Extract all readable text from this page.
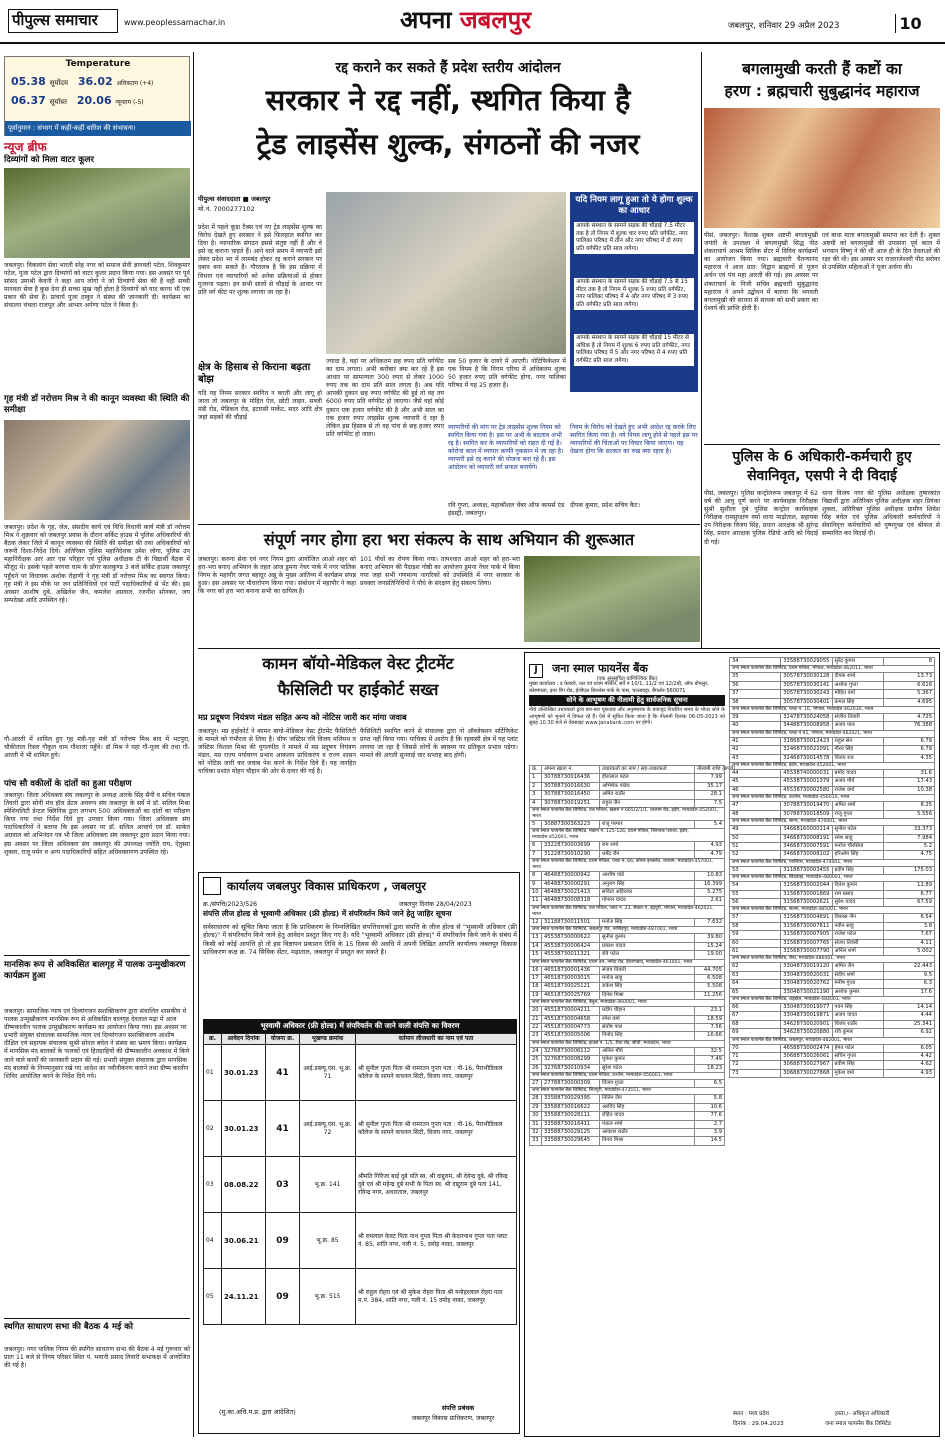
पीपुल्स समाचार	www.peoplessamachar.in	अपना जबलपुर	जबलपुर, शनिवार 29 अप्रैल 2023	10
Temperature
05.38 सूर्योदय 36.02 अधिकतम (+4)
06.37 सूर्यास्त 20.06 न्यूनतम (-5)
पूर्वानुमान : संभाग में कहीं-कहीं बारिश की संभावना।
न्यूज ब्रीफ
दिव्यांगों को मिला वाटर कूलर
जबलपुर। विकलांग सेवा भारती स्नेह नगर को समाज सेवी ज्ञानवती पटेल, शिवकुमार पटेल, पूजा पटेल द्वारा दिव्यांगों को वाटर कूलर प्रदान किया गया। इस अवसर पर पूर्व सांसद उमाश्री केवनी ने कहा आप लोगो ने जो दिव्यांगों सेवा की है वही सच्ची मानवता सेवा है कुछ देना ही सच्चा सुख नहीं होता है दिव्यांगों को याद करना भी एक प्रकार की सेवा है। प्राचार्य पूजा ठाकुर ने संस्था की जानकारी दी। कार्यक्रम का संचालन चंचला राजपूत और आभार अर्पणा पटेल ने किया है।
गृह मंत्री डॉ नरोत्तम मिश्र ने की कानून व्यवस्था की स्थिति की समीक्षा
जबलपुर। प्रदेश के गृह, जेल, संसदीय कार्य एवं विधि विधायी कार्य मंत्री डॉ नरोत्तम मिश्र ने शुक्रवार को जबलपुर प्रवास के दौरान सर्किट हाउस में पुलिस अधिकारियों की बैठक लेकर जिले में कानून व्यवस्था की स्थिति की समीक्षा की तथा अधिकारियों को जरूरी दिशा-निर्देश दिये। अतिरिक्त पुलिस महानिदेशक उमेश जोगा, पुलिस उप महानिरीक्षक आर आर एस परिहार एवं पुलिस अधीक्षक टी के विद्यार्थी बैठक में मौजूद थे। इसके पहले बरगवा धाम के डोंगर कलकुण्ड 3 बजे सर्किट हाउस जबलपुर पहुँचने पर विधायक अशोक रोहाणी ने गृह मंत्री डॉ नरोत्तम मिश्र का स्वागत किया। गृह मंत्री ने इस मौके पर जन प्रतिनिधियों एवं पार्टी पदाधिकारियों से भेंट की। इस अवसर आशीष दुबे, अखिलेश जैन, कमलेश अग्रवाल, रजनीश सोनकर, जय सम्पदेखा आदि उपस्थित रहे।
गौ-आरती में शामिल हुए गृह मंत्री-गृह मंत्री डॉ नरोत्तम मिश्र बाद में भटपुरा, चौकीताल रिस्ता गौकुल धाम गौशाला पहुँचे। डॉ मिश्र ने यहां गौ-पूजा की तथा गौ-आरती में भी शामिल हुये।
पांच सौ वकीलों के दांतों का हुआ परीक्षण
जबलपुर। जिला अधिवक्ता संघ जबलपुर के अध्यक्ष आरके सिंह सैनी व सचिव पंकज तिवारी द्वारा सोनी मंच हॉल डेंटल अवरूप संघ जबलपुर के सर्वे मे डॉ. सलिल मिश्रा स्पेशियलिटी डेन्टल क्लिनिक द्वारा लगभग 500 अधिवक्ताओं का दांतों का परीक्षण किया गया तथा निर्देश दिये हुए उपचार किया गया। जिला अधिवक्ता संघ पदाधिकारियों ने बताया कि इस अवसर पर डॉ. सलिल आचार्य एवं डॉ. साकेत अग्रवाल को अभिनंदन पत्र भी जिला अधिवक्ता संघ जबलपुर द्वारा प्रदान किया गया। इस अवसर पर जिला अधिवक्ता संघ जबलपुर की उपाध्यक्ष ज्योति राय, ऐतुस्था शुक्ला, राजू वर्मन व अन्य पदाधिकारियों सहित अधिवक्तागण उपस्थित रहे।
मानसिक रूप से अविकसित बालगृह में पालक उन्मुखीकरण कार्यक्रम हुआ
जबलपुर। सामाजिक न्याय एवं दिव्यांगजन सशक्तिकरण द्वारा संचालित शासकीय मे पालक उन्मुखीकरण मानसिक रूप से अविकसित बालगृह देवताल मढ़ा में आज ग्रीष्मकालीन पालक उन्मुखीकरण कार्यक्रम का आयोजन किया गया। इस अवसर पर प्रभारी संयुक्त संचालक सामाजिक न्याय एवं दिव्यांगजन सशक्तिकरण आशीष दीक्षित एवं सहायक संचालक सुश्री सोनल बघेल ने संस्था का भ्रमण किया। कार्यक्रम में मानसिक मंद बालकों के पालकों एवं हितग्राहियों की ग्रीष्मकालीन अवकाश में किये जाने वाले कार्यों की जानकारी प्रदान की गई। प्रभारी संयुक्त संचालक द्वारा मानसिक मंद बालकों के नियमानुसार रखे गए आदेश का नवीनीकरण कराने तथा ग्रीष्म कालीन शिविर आयोजित करने के निर्देश दिये गये।
स्थगित साधारण सभा की बैठक 4 मई को
जबलपुर। नगर पालिक निगम की स्थगित साधारण सभा की बैठक 4 मई गुरूवार को प्रातः 11 बजे से निगम परिसर स्थित पं. भवानी प्रसाद तिवारी सभाकक्ष में आयोजित की गई है।
रद्द कराने कर सकते हैं प्रदेश स्तरीय आंदोलन
सरकार ने रद्द नहीं, स्थगित किया है
ट्रेड लाइसेंस शुल्क, संगठनों की नजर
पीपुल्स संवाददाता ■ जबलपुर
मो.नं. 7000277102
प्रदेश में पहले कूड़ा टैक्स एवं नए ट्रेड लाइसेंस शुल्क का विरोध देखते हुए सरकार ने इसे फिलहाल स्थगित कर दिया है। व्यापारिक संगठन इससे संतुष्ट नहीं हैं और वे इसे रद्द कराना चाहते हैं। आने वाले समय में व्यापारी इसे लेकर प्रदेश भर में लामबंद होकर रद्द कराने सरकार पर दबाव बना सकते हैं। गौरतलब है कि इस प्रक्रिया में विभाग एवं व्यापारियों को अनेक प्रक्रियाओं से होकर गुजरना पड़ता। इन सभी सालों से चौड़ाई के आधार पर प्रति वर्ग फीट पर शुल्क लगाया जा रहा है।
क्षेत्र के हिसाब से किराना बढ़ता बोझ
यदि यह नियम सरकार स्थगित न करती और लागू हो जाता तो जबलपुर के मोहित ऐल, छोटी लाइन, सब्जी मंडी रोड, मेडिकल रोड, इटारसी मार्केट, सदर आदि क्षेत्र जहां सड़कों की चौड़ाई
ज्यादा है, वहां पर अधिकतम छह रुपए प्रति वर्गफीट का दाम लगता। अभी करोबार क्या कर रहे हैं इस आधार पर सामान्यतः 300 रुपए से लेकर 1000 रुपए तक का दाम प्रति साल लगता है। अब यदि आपकी दुकान छह रुपए वर्गफीट की हुई तो वह तय 6000 रुपए प्रति वर्गफीट हो जाएगा। जैसे वहां कोई दुकान एक हजार वर्गफीट की है और अभी साल का एक हजार रुपए लाइसेंस शुल्क व्यापारी दे रहा है लेकिन इस हिसाब से तो वह पांच से छह हजार रुपए प्रति वर्गफीट हो जाता।
सब 50 हजार के दायरे में आएगी। नोटिफिकेशन में एक नियम है कि निगम एरिया में अधिकतम शुल्क 50 हजार रुपए प्रति वर्गफीट होगा, नगर पालिका परिषद में यह 25 हजार है।
यदि नियम लागू हुआ तो ये होगा शुल्क का आधार
आपके संस्थान के सामने सड़क की चौड़ाई 7.5 मीटर तक है तो निगम में शुल्क चार रुपए प्रति वर्गफीट, नगर पालिका परिषद में तीन और नगर परिषद में दो रुपए प्रति वर्गफीट प्रति साल लगेगा।
आपके संस्थान के सामने सड़क की चौड़ाई 7.5 से 15 मीटर तक है तो निगम में शुल्क 5 रुपए प्रति वर्गफीट, नगर पालिका परिषद में 4 और नगर परिषद में 3 रुपए प्रति वर्गफीट प्रति साल लगेगा।
आपके संस्थान के सामने सड़क की चौड़ाई 15 मीटर से अधिक है तो निगम में शुल्क 6 रुपए प्रति वर्गफीट, नगर पालिका परिषद में 5 और नगर परिषद में 4 रुपए प्रति वर्गफीट प्रति साल लगेगा।
व्यापारियों की मांग पर ट्रेड लाइसेंस शुल्क नियम को स्थगित किया गया है। इस पर अभी के बदलाव अभी रद्द है। स्थगित कर के व्यापारियों को राहत दी गई है। कोरोना काल में व्यापार काफी नुकसान में जा रहा है। व्यापारी इसे रद्द कराने की योजना बना रहे हैं। इस आंदोलन को व्यापारी वर्ग सफल बनायेंगे।
रवि गुप्ता, अध्यक्ष, महाकौशल चेंबर ऑफ कामर्स एंड इंडस्ट्री, जबलपुर।
नियम के विरोध को देखते हुए अभी आदेश रद्द करके लिए स्थगित किया गया है। नये नियम लागू होने से पहले इस पर व्यापारियों की चिंताओं पर विचार किया जाएगा। यह देखना होगा कि सरकार का रुख क्या रहता है।
दीपक कुमार, प्रदेश सचिव कैट।
संपूर्ण नगर होगा हरा भरा संकल्प के साथ अभियान की शुरूआत
जबलपुर। करुना सेवा एवं नगर निगम द्वारा आयोजित आओ शहर को हरा-भरा बनाए अभियान के तहत आज डुमना नेचर पार्क में नगर पालिक निगम के महापौर जगत बहादुर अन्नू के मुख्य आतिथ्य में कार्यक्रम संपन्न हुआ। इस अवसर पर पौधारोपण किया गया। संबोधन में महापौर ने कहा कि नगर को हरा भरा बनाना सभी का दायित्व है।
101 पौधों का रोपण किया गया। तत्पश्चात आओ शहर को हरा-भरा बनाएं अभियान की पैदाइश गोष्ठी का आयोजन डुमना नेचर पार्क में किया गया जहां सभी गणमान्य नागरिकों को उपस्थिति में नगर सरकार के प्रवक्ता जनप्रतिनिधियों ने पौधे के संरक्षण हेतु संकल्प लिया।
बगलामुखी करती हैं कष्टों का
हरण : ब्रह्मचारी सुबुद्धानंद महाराज
पीसं, जबलपुर। वैशाख शुक्ल अष्टमी बगलामुखी जयंती के उपलक्ष्य में बगलामुखी सिद्ध पीठ शंकराचार्य आश्रम सिविक सेंटर में विविध कार्यक्रमों का आयोजन किया गया। ब्रह्मचारी चैतन्यानंद महाराज ने आज प्रात: विद्वान ब्राह्मणों से पूजन अर्चन एवं पंच महा आरती की गई। इस अवसर पर शंकराचार्य के निजी सचिव ब्रह्मचारी सुबुद्धानंद महाराज ने अपने उद्बोधन में बताया कि भगवती बगलामुखी की साधना से साधक को सभी प्रकार का ऐश्वर्य की प्राप्ति होती है।
एवं बाधा माता बगलामुखी समाप्त कर देती है। शुक्ल अष्टमी को बगलामुखी की उपासना पूर्व काल में भगवान विष्णु ने की थी आज ही के दिन देवताओं की रक्षा की थी। इस अवसर पर राजराजेश्वरी पीठ सरोवर से उपस्थित महिलाओं ने पूजा अर्चना की।
पुलिस के 6 अधिकारी-कर्मचारी हुए सेवानिवृत, एसपी ने दी विदाई
पीसं, जबलपुर। पुलिस कन्ट्रोलरूम जबलपुर में 62 वर्ष की आयु पूर्ण करने पर कार्यवाहक निरीक्षक सुश्री सुशीला दुबे पुलिस कन्ट्रोल कार्यवाहक निरीक्षक रामसुरक्षण वर्मा थाना माढ़ोताल, सहायक उप निरीक्षक विजय सिंह, प्रधान आरक्षक श्री सुरेन्द्र सिंह, प्रधान आरक्षक पुलिस रेडियो आदि को विदाई दी गई।
धाना विजय नगर की पुलिस अधीक्षक तुषारकांत विद्यार्थी द्वारा अतिरिक्त पुलिस अधीक्षक शहर प्रियंका शुक्ला, अतिरिक्त पुलिस अधीक्षक ग्रामीण शिवेश सिंह बघेल एवं पुलिस अधिकारी कर्मचारियों ने सेवानिवृत्त कर्मचारियों को पुष्पगुच्छ एवं श्रीफल से सम्मानित कर विदाई दी।
कामन बॉयो-मेडिकल वेस्ट ट्रीटमेंट
फैसिलिटी पर हाईकोर्ट सख्त
मप्र प्रदूषण नियंत्रण मंडल सहित अन्य को नोटिस जारी कर मांगा जवाब
जबलपुर। मप्र हाईकोर्ट ने कामन बायो-मेडिकल वेस्ट ट्रीटमेंट फैसिलिटी के मामले को गंभीरता से लिया है। चीफ जस्टिस रवि विजय मलिमथ व जस्टिस विशाल मिश्रा की युगलपीठ ने मामले में मप्र प्रदूषण नियंत्रण मंडल, मप्र राज्य पर्यावरण प्रभाव आकलन प्राधिकरण व राज्य शासन को नोटिस जारी कर जवाब पेश करने के निर्देश दिये हैं। यह जनहित याचिका प्रशांत मोहन चौहान की ओर से दायर की गई है।
फैसिलिटी स्थापित करने से संचालक द्वारा नो ऑब्जेक्शन सर्टिफिकेट प्राप्त नहीं किया गया। याचिका में आरोप है कि रहवासी क्षेत्र में यह प्लांट लगाया जा रहा है जिससे लोगों के स्वास्थ्य पर प्रतिकूल प्रभाव पड़ेगा। मामले की अगली सुनवाई चार सप्ताह बाद होगी।
कार्यालय जबलपुर विकास प्राधिकरण , जबलपुर
क्र./संपत्ति/2023/526	जबलपुर दिनांक 28/04/2023
संपत्ति लीज होल्ड से भूस्वामी अधिकार (फ्री होल्ड) में संपरिवर्तन किये जाने हेतु जाहिर सूचना
सर्वसाधारण को सूचित किया जाता है कि प्राधिकरण के निम्नलिखित संपत्तिधारकों द्वारा संपत्ति के लीज होल्ड से "भूस्वामी अधिकार (फ्री होल्ड)" में संपरिवर्तन किये जाने हेतु आवेदन प्रस्तुत किए गए है। यदि "भूस्वामी अधिकार (फ्री होल्ड)" में संपरिवर्तन किये जाने के संबंध में किसी को कोई आपत्ति हो तो इस विज्ञापन प्रकाशन तिथि के 15 दिवस की अवधि में अपनी लिखित आपत्ति कार्यालय जबलपुर विकास प्राधिकरण कक्ष क्र. 74 सिविक सेंटर, मढ़ाताल, जबलपुर में प्रस्तुत कर सकते है।
भूस्वामी अधिकार (फ्री होल्ड) में संपरिवर्तन की जाने वाली संपत्ति का विवरण
क्र.	आवेदन दिनांक	योजना क्र.	भूखण्ड क्रमांक	वर्तमान लीजधारी का नाम एवं पता
01	30.01.23	41	आई.डब्ल्यू.एस. भू.क्र. 71	श्री सुनील गुप्ता पिता श्री रामरतन गुप्ता पता : पी-16, पैराभीडिकल कॉलेज के सामने कचनार सिटी, विजय नगर, जबलपुर
02	30.01.23	41	आई.डब्ल्यू.एस. भू.क्र. 72	श्री सुनील गुप्ता पिता श्री रामरतन गुप्ता पता : पी-16, पैराभीडिकल कॉलेज के सामने कचनार सिटी, विजय नगर, जबलपुर
03	08.08.22	03	भू.क्र. 141	श्रीमति गिरिजा बाई दुबे पति स्व. श्री दाद्दुराम, श्री देवेन्द्र दुबे, श्री रविन्द्र दुबे एवं श्री महेन्द्र दुबे सभी के पिता स्व. श्री दाद्दुराम दुबे पता 141, रविन्द्र नगर, अधारताल, जबलपुर
04	30.06.21	09	भू.क्र. 85	श्री रामलाल केवट पिता नाथ गुप्ता पिता श्री केदारनाथ गुप्ता पता प्लाट नं. 85, शांति नगर, गली नं. 5, दमोह नाका, जबलपुर
05	24.11.21	09	भू.क्र. 515	श्री राहुल रोहरा एवं श्री मुकेश रोहरा पिता श्री मनोहरलाल रोहरा पता म.नं. 384, शांति नगर, गली नं. 15 दमोह नाका, जबलपुर
(मु.का.अधि.म.प्र. द्वारा आदेशित)	संपत्ति प्रबंधक
जबलपुर विकास प्राधिकरण, जबलपुर
J जना स्माल फायनेंस बैंक
(एक अनुसूचित वाणिज्यिक बैंक)
मुख्य कार्यालय : द फेयरवे, तल एवं प्रथम मंजिल, सर्वे नं 10/1, 11/2 एवं 12/2बी, ऑफ डोमलुर, कोरमंगला, इनर रिंग रोड, ईजीएल बिजनेस पार्क के पास, चल्लाघट्टा, बैंगलोर-560071
सोने के आभूषण की नीलामी हेतु सार्वजनिक सूचना
नीचे उल्लिखित उधारकर्ता द्वारा बार-बार पूछताछ और अनुस्मारक के बावजूद निर्धारित समय के भीतर सोने के आभूषणों को भुनाने में विफल रहे हैं। ऐसे में सूचित किया जाता है कि नीलामी दिनांक 06-05-2023 को सुबह 10.30 बजे से वेबसाइट www.janabank.com पर होगी।
क्र.	अपना खाता नं.	उधारकर्ता का नाम / सह-उधारकर्ता	नीलामी राशि (रुपये)
1	30788730016436	हीरालाल पटेल	7.99
2	30788730016630	अभिषेक पांडेय	35.17
3	30788730016450	अमित राठौर	28.1
4	30788730019251	राहुल जैन	7.5
जना स्माल फायनेंस बैंक लिमिटेड, तल मंजिल, खसरा नं 665/2/1/1, रतलाम रोड, इंदौर, मध्यप्रदेश-452001, भारत			
5	30887300363223	राजू परमार	5.4
जना स्माल फायनेंस बैंक लिमिटेड, मकान नं. 125-126, प्रथम मंजिल, विनायक प्लाजा, इंदौर, मध्यप्रदेश-452001, भारत			
6	33228730003699	राम शर्मा	4.93
7	31228730010290	धर्मेंद्र जैन	4.79
जना स्माल फायनेंस बैंक लिमिटेड, प्रथम मंजिल, प्लाट नं. 66, कोरल इनक्लेव, रतलाम, मध्यप्रदेश-457001, भारत			
8	46488730000942	आशीष पांडे	10.83
9	46488730000291	अनुराग सिंह	16.399
10	46488730021413	सविता अहिरवार	5.275
11	46488730008318	गोपाल यादव	2.61
जना स्माल फायनेंस बैंक लिमिटेड, तल मंजिल, प्लाट नं. 23, सेक्टर-ए, इंद्रपुरी, भोपाल, मध्यप्रदेश-462021, भारत			
12	31188730011501	मनोज सिंह	7.632
जना स्माल फायनेंस बैंक लिमिटेड, जबलपुर रोड, नरसिंहपुर, मध्यप्रदेश-487001, भारत			
13	45538730000622	सुनील कुमार	39.80
14	45538730006424	प्रकाश यादव	15.24
15	45538730011321	रवि पटेल	19.00
जना स्माल फायनेंस बैंक लिमिटेड, प्रथम तल, नर्मदा रोड, होशंगाबाद, मध्यप्रदेश-461001, भारत			
16	46518730001436	संजय तिवारी	44.705
17	46518730003015	मनोज साहू	6.508
18	46518730025121	राकेश सिंह	5.508
19	46518730025769	दिनेश मिश्रा	11.256
जना स्माल फायनेंस बैंक लिमिटेड, बैतूल, मध्यप्रदेश-460001, भारत			
20	45518730004211	प्रदीप चौहान	23.1
21	45518730004658	रमेश वर्मा	18.59
22	45518730004773	संतोष पाल	7.56
23	45518730005006	विनोद सिंह	16.66
जना स्माल फायनेंस बैंक लिमिटेड, हाउस नं. 1/5, रीवा रोड, सीधी, मध्यप्रदेश, भारत			
24	32768730006112	अनिल मौर्य	32.5
25	32768730008299	मुकेश कुमार	7.49
26	32768730010934	सुरेश पटेल	18.23
जना स्माल फायनेंस बैंक लिमिटेड, प्रथम मंजिल, उज्जैन, मध्यप्रदेश-456001, भारत			
27	27788730000309	विजय गुप्ता	6.5
जना स्माल फायनेंस बैंक लिमिटेड, शिवपुरी, मध्यप्रदेश-473551, भारत			
28	33588730029395	नितिन जैन	5.8
29	33588730016622	अरविंद सिंह	10.6
30	33588730028111	रोहित यादव	77.6
31	33588730016411	पंकज शर्मा	2.7
32	33588730029125	आकाश राठौर	3.9
33	33588730029645	विनय मिश्रा	14.5
34	33588730029055	सुरेंद्र कुमार	8
जना स्माल फायनेंस बैंक लिमिटेड, प्रथम मंजिल, भोपाल, मध्यप्रदेश-462011, भारत			
35	30578730030128	दीपक शर्मा	13.73
36	30578730030141	अशोक गुप्ता	6.616
37	30578730030243	मोहित वर्मा	5.367
38	30578730030401	कमल सिंह	4.695
जना स्माल फायनेंस बैंक लिमिटेड, प्लाट नं. 16, भोपाल, मध्यप्रदेश-462030, भारत			
39	32478730024058	संजीव तिवारी	4.725
40	34488730008958	अजय पाल	76.388
जना स्माल फायनेंस बैंक लिमिटेड, प्लाट नं 91, भोपाल, मध्यप्रदेश-462021, भारत			
41	31868730012423	राहुल सेन	6.79
42	32468730021091	गौरव सिंह	6.79
43	32468730014578	विजय राव	4.35
जना स्माल फायनेंस बैंक लिमिटेड, इंदौर, मध्यप्रदेश-452001, भारत			
44	45538740000031	प्रमोद यादव	31.6
45	45538730001379	अजय मौर्य	17.43
46	45538730002580	राजेश वर्मा	10.38
जना स्माल फायनेंस बैंक लिमिटेड, उज्जैन, मध्यप्रदेश-456010, भारत			
47	30788730019470	अमित शर्मा	8.25
48	30788730018509	राजू गुप्ता	5.556
जना स्माल फायनेंस बैंक लिमिटेड, सागर, मध्यप्रदेश-470001, भारत			
49	34668160000114	सुनील पटेल	33.373
50	34668730008191	रमेश साहू	7.984
51	34668730007591	मनोज चौरसिया	5.2
52	34668730008102	हरिओम सिंह	4.75
जना स्माल फायनेंस बैंक लिमिटेड, ग्वालियर, मध्यप्रदेश-474001, भारत			
53	31188730003455	प्रदीप सिंह	175.03
जना स्माल फायनेंस बैंक लिमिटेड, छिंदवाड़ा, मध्यप्रदेश-480001, भारत			
54	31568730002044	दिनेश कुमार	12.89
55	31568730001869	राम प्रसाद	6.77
56	31568730002621	सुरेश यादव	67.59
जना स्माल फायनेंस बैंक लिमिटेड, सतना, मध्यप्रदेश-485001, भारत			
57	31568730004691	विकास जैन	6.54
58	31568730007811	नवीन साहू	3.8
59	31568730007905	राजेश पटेल	7.67
60	31568730007765	संजय तिवारी	4.11
61	31568730007790	अनिल शर्मा	5.002
जना स्माल फायनेंस बैंक लिमिटेड, रीवा, मध्यप्रदेश-486001, भारत			
62	33048730019120	अमित जैन	22.443
63	33048730020031	संदीप शर्मा	9.5
64	33048730020762	मनीष गुप्ता	6.3
65	33048730021190	अशोक कुमार	17.6
जना स्माल फायनेंस बैंक लिमिटेड, शहडोल, मध्यप्रदेश-484001, भारत			
66	33048730019077	पवन सिंह	14.14
67	33048730019871	अजय यादव	4.44
68	34628730020901	विजय राठौर	25.341
69	34628730020880	रवि कुमार	6.92
जना स्माल फायनेंस बैंक लिमिटेड, जबलपुर, मध्यप्रदेश-482001, भारत			
70	46588730002474	हेमंत पटेल	6.05
71	30688730026061	सचिन गुप्ता	4.42
72	30688730027967	प्रवीण सिंह	4.62
73	30688730027868	मुकेश वर्मा	4.93
स्थान : मध्य प्रदेश
दिनांक : 29.04.2023
हस्ता./- अधिकृत अधिकारी
जना स्माल फायनेंस बैंक लिमिटेड
